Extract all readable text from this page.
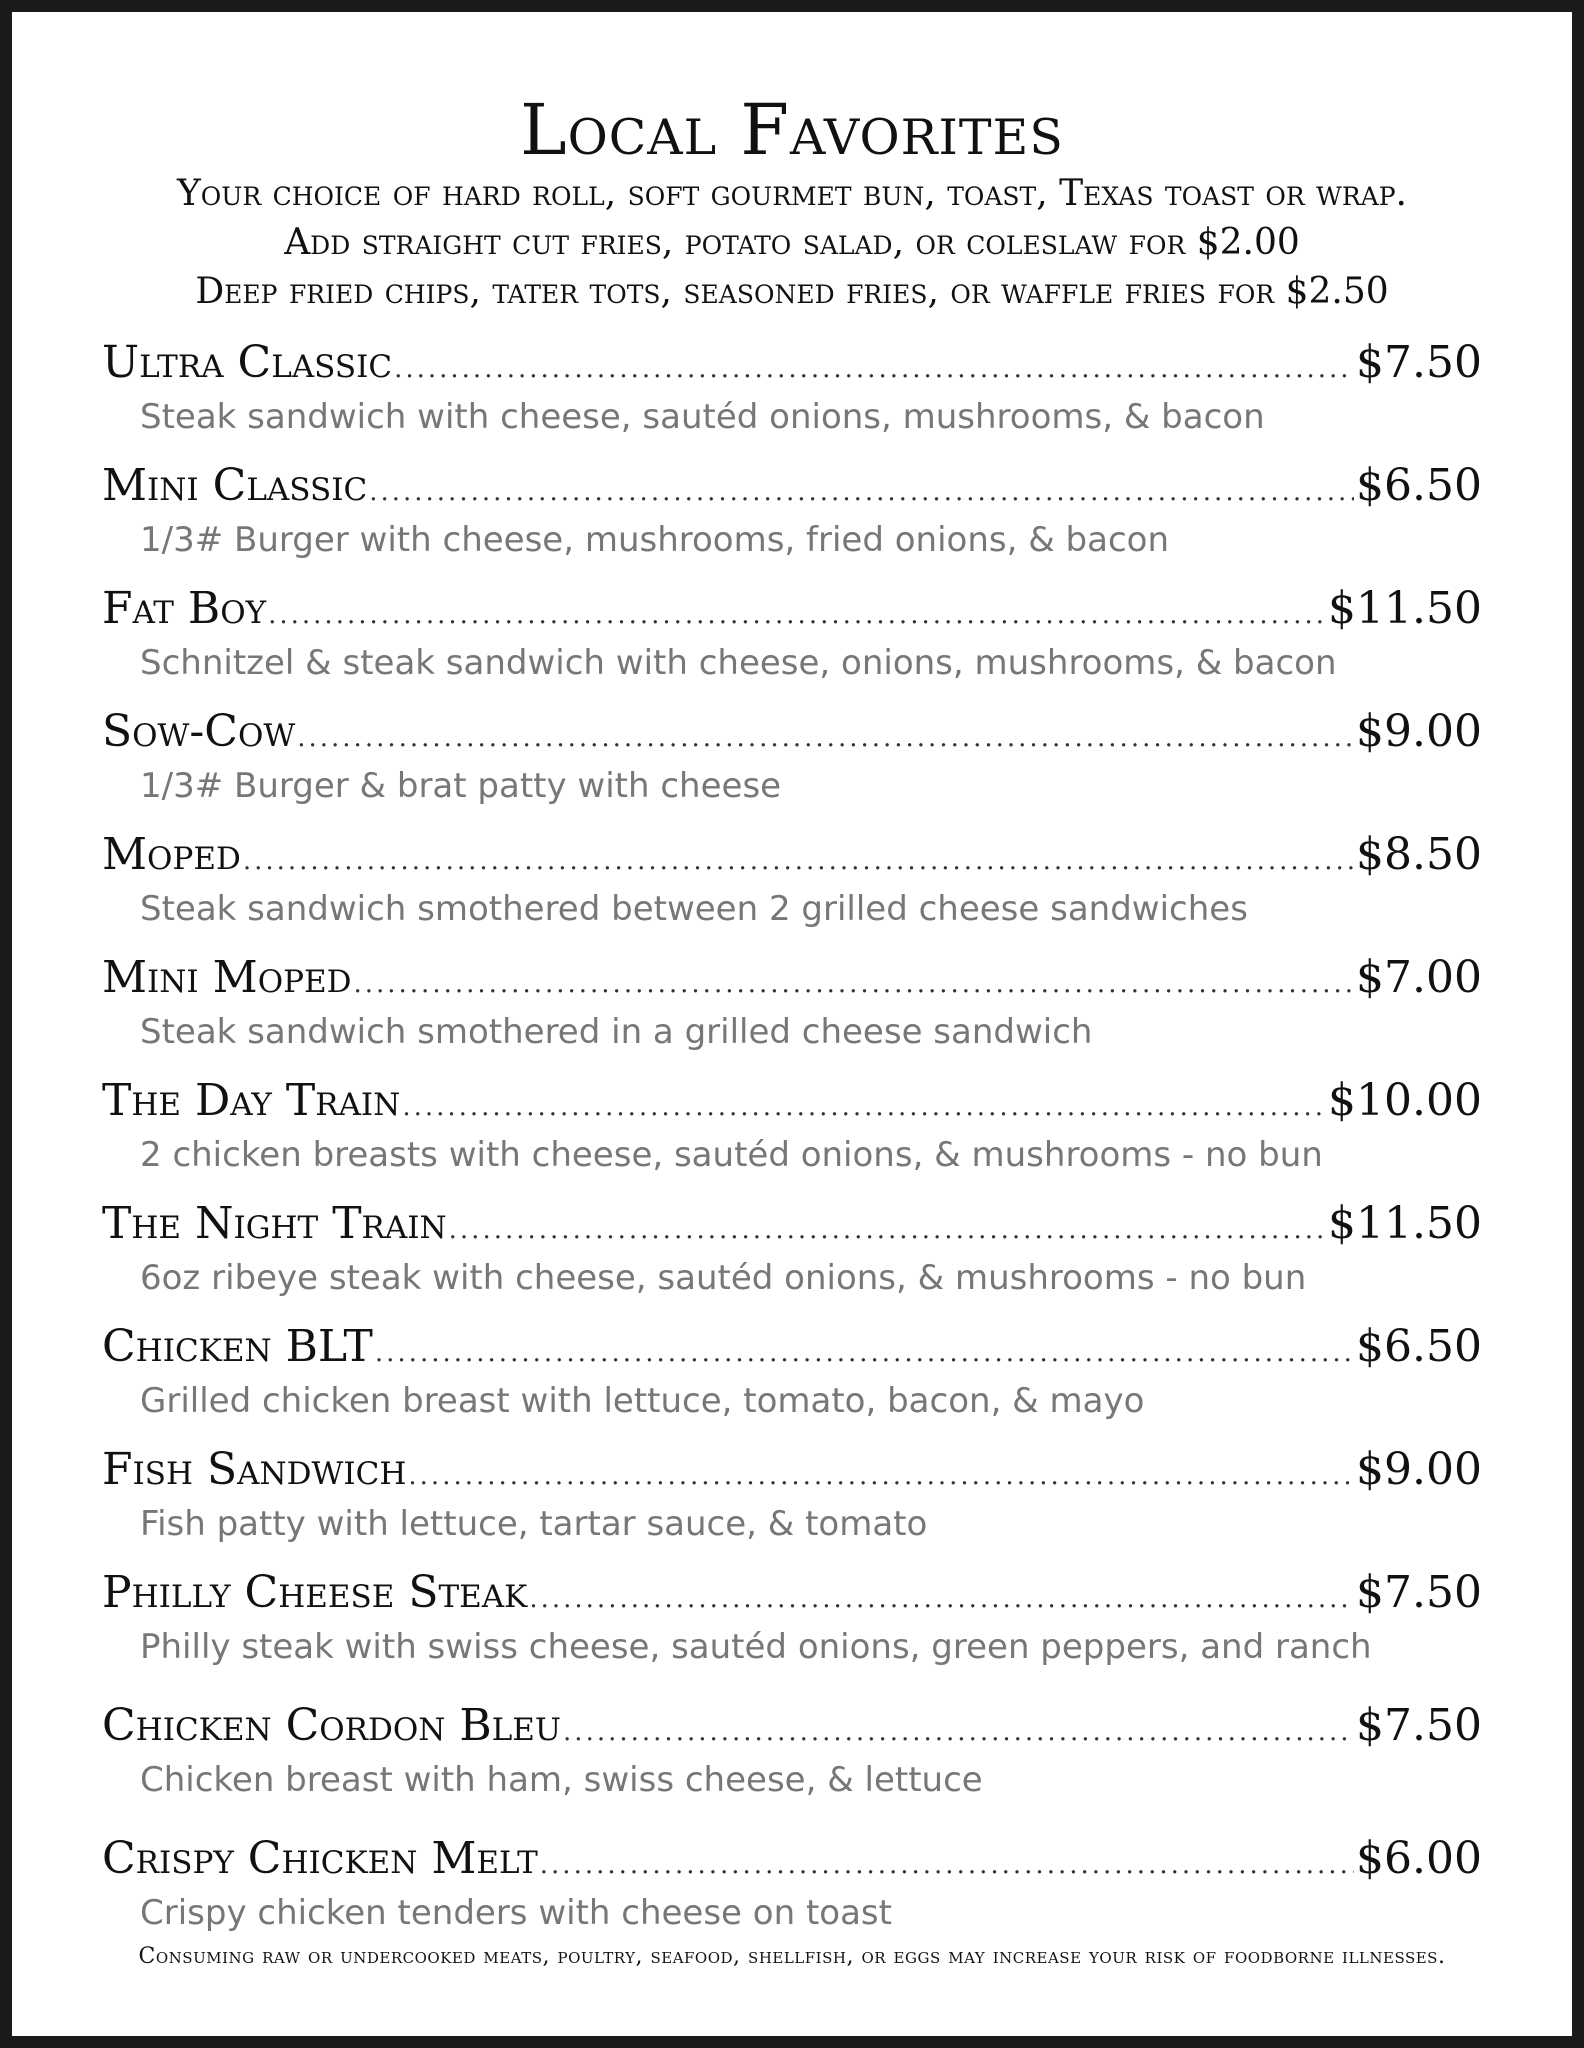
Local Favorites
Your choice of hard roll, soft gourmet bun, toast, Texas toast or wrap.
Add straight cut fries, potato salad, or coleslaw for $2.00
Deep fried chips, tater tots, seasoned fries, or waffle fries for $2.50
Ultra Classic .....	$7.50
Steak sandwich with cheese, sautéd onions, mushrooms, & bacon
Mini Classic .....	$6.50
1/3# Burger with cheese, mushrooms, fried onions, & bacon
Fat Boy .....	$11.50
Schnitzel & steak sandwich with cheese, onions, mushrooms, & bacon
Sow-Cow .....	$9.00
1/3# Burger & brat patty with cheese
Moped .....	$8.50
Steak sandwich smothered between 2 grilled cheese sandwiches
Mini Moped .....	$7.00
Steak sandwich smothered in a grilled cheese sandwich
The Day Train .....	$10.00
2 chicken breasts with cheese, sautéd onions, & mushrooms - no bun
The Night Train .....	$11.50
6oz ribeye steak with cheese, sautéd onions, & mushrooms - no bun
Chicken BLT .....	$6.50
Grilled chicken breast with lettuce, tomato, bacon, & mayo
Fish Sandwich .....	$9.00
Fish patty with lettuce, tartar sauce, & tomato
Philly Cheese Steak .....	$7.50
Philly steak with swiss cheese, sautéd onions, green peppers, and ranch
Chicken Cordon Bleu .....	$7.50
Chicken breast with ham, swiss cheese, & lettuce
Crispy Chicken Melt .....	$6.00
Crispy chicken tenders with cheese on toast
Consuming raw or undercooked meats, poultry, seafood, shellfish, or eggs may increase your risk of foodborne illnesses.
